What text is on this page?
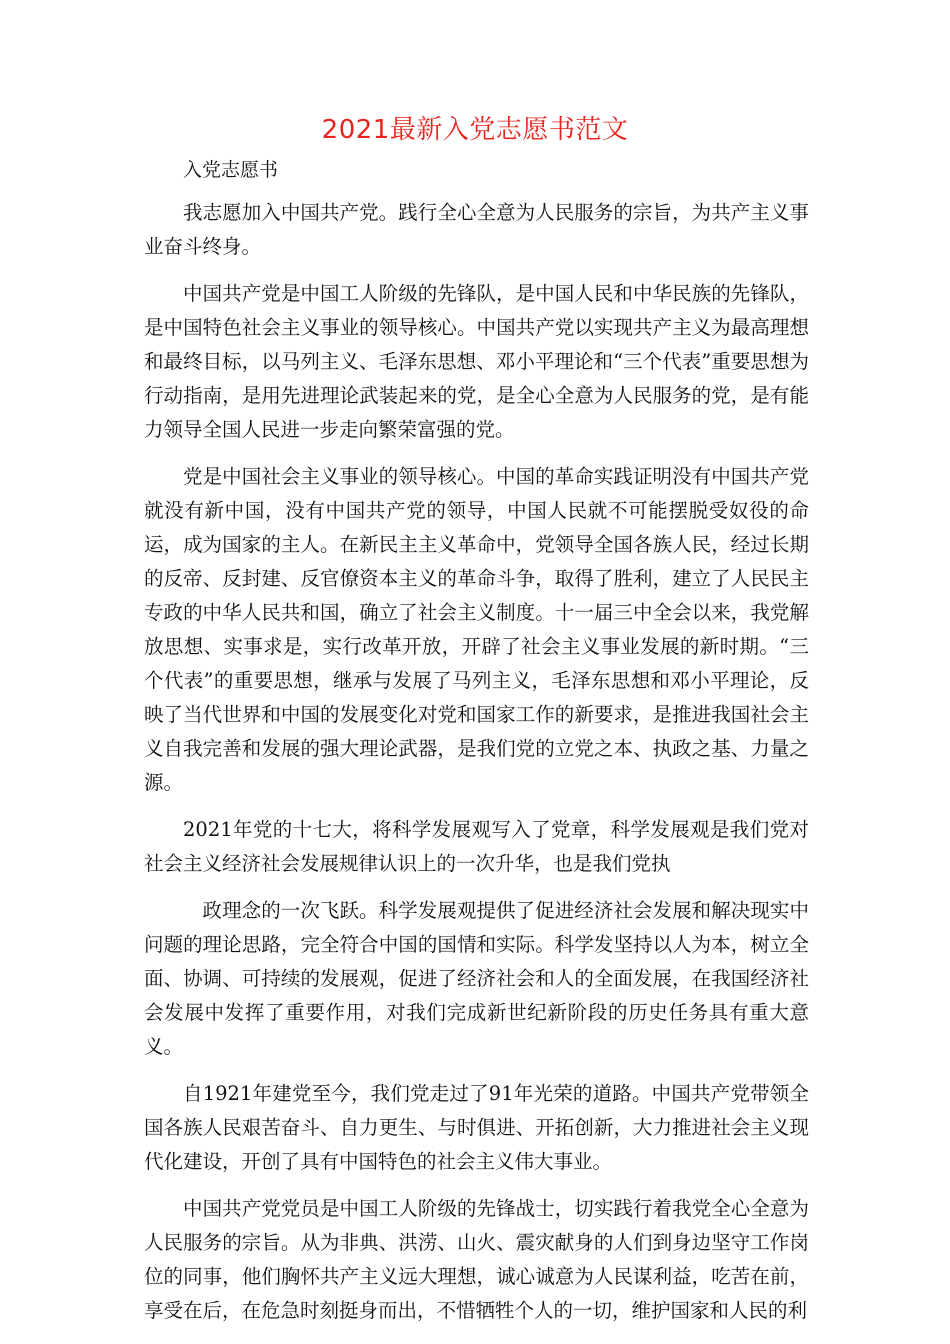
2021最新入党志愿书范文

入党志愿书

我志愿加入中国共产党。践行全心全意为人民服务的宗旨，为共产主义事业奋斗终身。

中国共产党是中国工人阶级的先锋队，是中国人民和中华民族的先锋队，是中国特色社会主义事业的领导核心。中国共产党以实现共产主义为最高理想和最终目标，以马列主义、毛泽东思想、邓小平理论和“三个代表”重要思想为行动指南，是用先进理论武装起来的党，是全心全意为人民服务的党，是有能力领导全国人民进一步走向繁荣富强的党。

党是中国社会主义事业的领导核心。中国的革命实践证明没有中国共产党就没有新中国，没有中国共产党的领导，中国人民就不可能摆脱受奴役的命运，成为国家的主人。在新民主主义革命中，党领导全国各族人民，经过长期的反帝、反封建、反官僚资本主义的革命斗争，取得了胜利，建立了人民民主专政的中华人民共和国，确立了社会主义制度。十一届三中全会以来，我党解放思想、实事求是，实行改革开放，开辟了社会主义事业发展的新时期。“三个代表”的重要思想，继承与发展了马列主义，毛泽东思想和邓小平理论，反映了当代世界和中国的发展变化对党和国家工作的新要求，是推进我国社会主义自我完善和发展的强大理论武器，是我们党的立党之本、执政之基、力量之源。

2021年党的十七大，将科学发展观写入了党章，科学发展观是我们党对社会主义经济社会发展规律认识上的一次升华，也是我们党执

政理念的一次飞跃。科学发展观提供了促进经济社会发展和解决现实中问题的理论思路，完全符合中国的国情和实际。科学发坚持以人为本，树立全面、协调、可持续的发展观，促进了经济社会和人的全面发展，在我国经济社会发展中发挥了重要作用，对我们完成新世纪新阶段的历史任务具有重大意义。

自1921年建党至今，我们党走过了91年光荣的道路。中国共产党带领全国各族人民艰苦奋斗、自力更生、与时俱进、开拓创新，大力推进社会主义现代化建设，开创了具有中国特色的社会主义伟大事业。

中国共产党党员是中国工人阶级的先锋战士，切实践行着我党全心全意为人民服务的宗旨。从为非典、洪涝、山火、震灾献身的人们到身边坚守工作岗位的同事，他们胸怀共产主义远大理想，诚心诚意为人民谋利益，吃苦在前，享受在后，在危急时刻挺身而出，不惜牺牲个人的一切，维护国家和人民的利
